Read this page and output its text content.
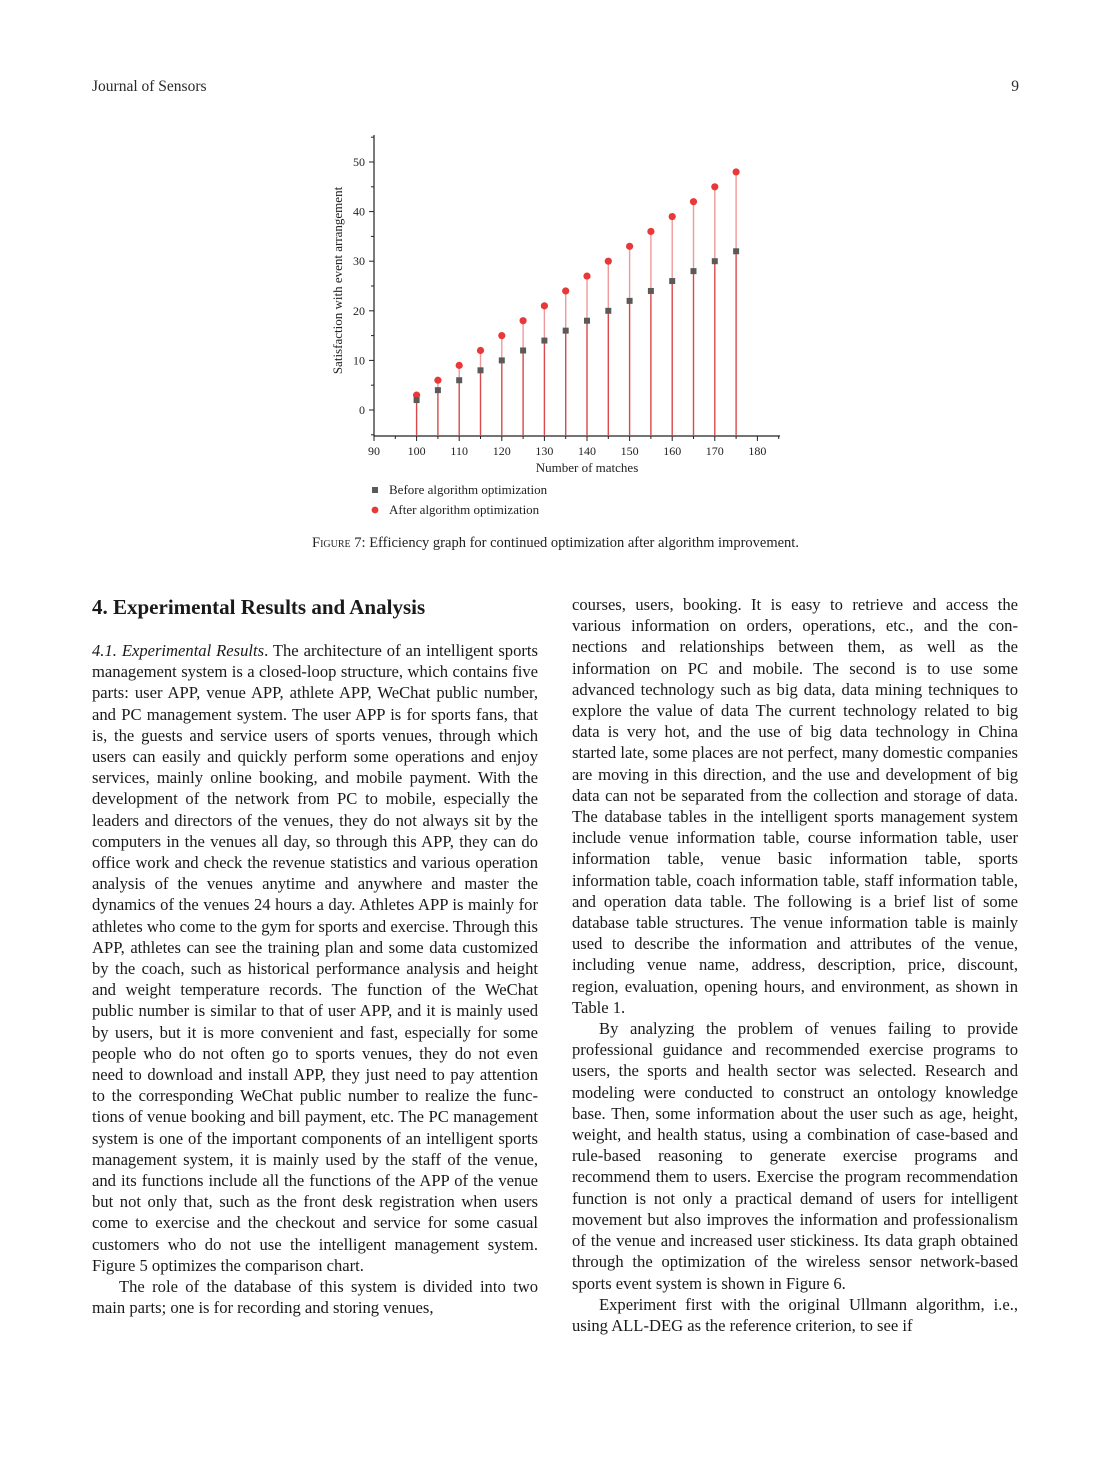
Journal of Sensors	9
0
10
20
30
40
50
90 100 110 120 130 140 150 160 170 180
Number of matches
Satisfaction with event arrangement
Before algorithm optimization
After algorithm optimization
Figure 7: Efficiency graph for continued optimization after algorithm improvement.
4. Experimental Results and Analysis

4.1. Experimental Results. The architecture of an intelligent sports management system is a closed-loop structure, which contains five parts: user APP, venue APP, athlete APP, WeChat public number, and PC management system. The user APP is for sports fans, that is, the guests and service users of sports venues, through which users can easily and quickly perform some operations and enjoy services, mainly online booking, and mobile payment. With the development of the network from PC to mobile, especially the leaders and directors of the venues, they do not always sit by the computers in the venues all day, so through this APP, they can do office work and check the revenue statistics and various operation analysis of the venues anytime and anywhere and master the dynamics of the venues 24 hours a day. Athletes APP is mainly for athletes who come to the gym for sports and exercise. Through this APP, athletes can see the training plan and some data customized by the coach, such as historical performance analysis and height and weight temperature records. The function of the WeChat public number is similar to that of user APP, and it is mainly used by users, but it is more convenient and fast, especially for some people who do not often go to sports venues, they do not even need to download and install APP, they just need to pay attention to the corresponding WeChat public number to realize the functions of venue booking and bill payment, etc. The PC management system is one of the important components of an intelligent sports management system, it is mainly used by the staff of the venue, and its functions include all the functions of the APP of the venue but not only that, such as the front desk registration when users come to exercise and the checkout and service for some casual customers who do not use the intelligent management system. Figure 5 optimizes the comparison chart.

The role of the database of this system is divided into two main parts; one is for recording and storing venues,

courses, users, booking. It is easy to retrieve and access the various information on orders, operations, etc., and the connections and relationships between them, as well as the information on PC and mobile. The second is to use some advanced technology such as big data, data mining techniques to explore the value of data The current technology related to big data is very hot, and the use of big data technology in China started late, some places are not perfect, many domestic companies are moving in this direction, and the use and development of big data can not be separated from the collection and storage of data. The database tables in the intelligent sports management system include venue information table, course information table, user information table, venue basic information table, sports information table, coach information table, staff information table, and operation data table. The following is a brief list of some database table structures. The venue information table is mainly used to describe the information and attributes of the venue, including venue name, address, description, price, discount, region, evaluation, opening hours, and environment, as shown in Table 1.

By analyzing the problem of venues failing to provide professional guidance and recommended exercise programs to users, the sports and health sector was selected. Research and modeling were conducted to construct an ontology knowledge base. Then, some information about the user such as age, height, weight, and health status, using a combination of case-based and rule-based reasoning to generate exercise programs and recommend them to users. Exercise the program recommendation function is not only a practical demand of users for intelligent movement but also improves the information and professionalism of the venue and increased user stickiness. Its data graph obtained through the optimization of the wireless sensor network-based sports event system is shown in Figure 6.

Experiment first with the original Ullmann algorithm, i.e., using ALL-DEG as the reference criterion, to see if
